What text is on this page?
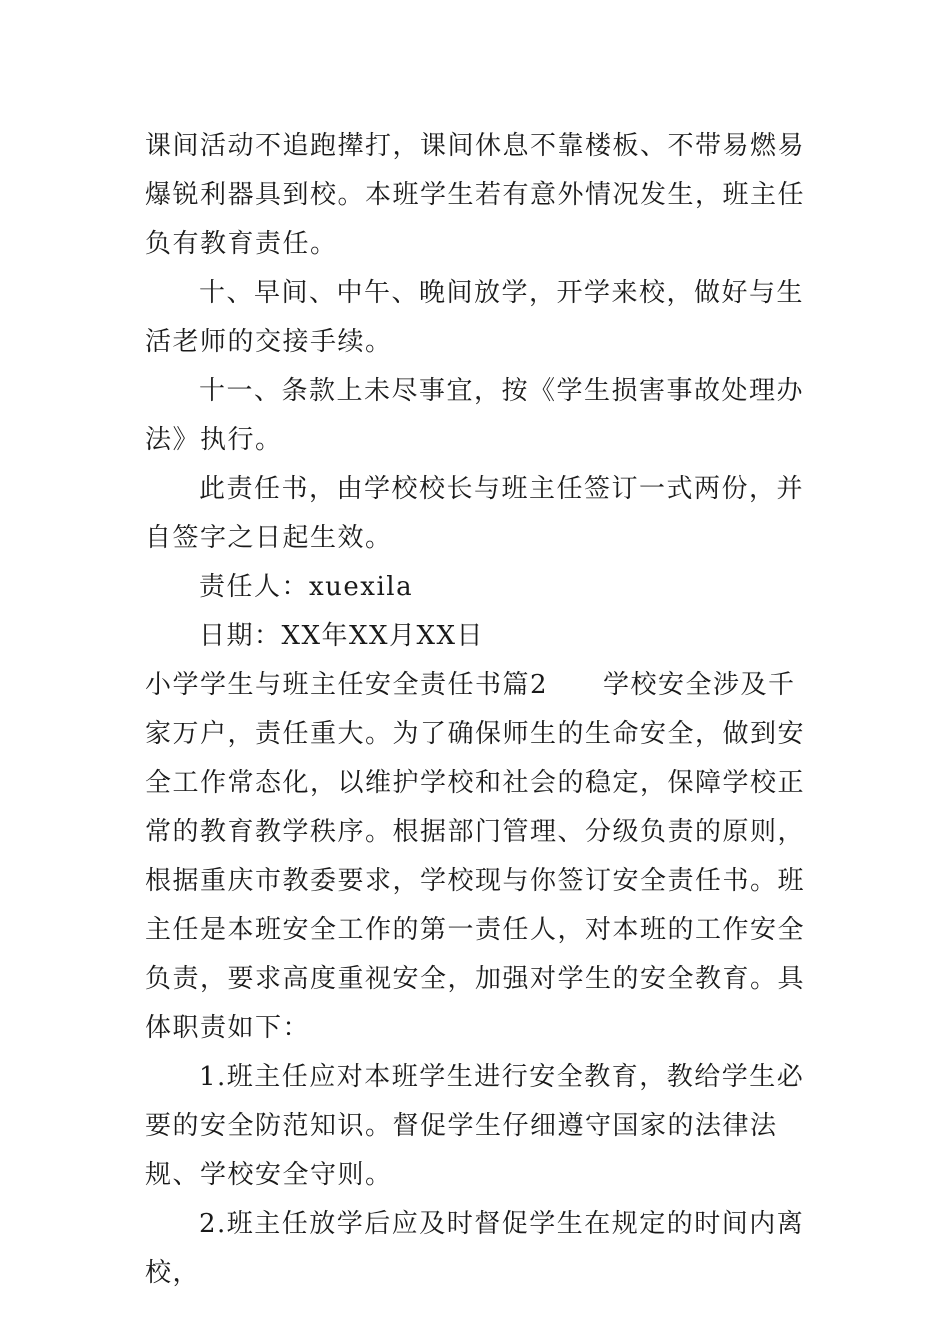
课间活动不追跑撵打，课间休息不靠楼板、不带易燃易爆锐利器具到校。本班学生若有意外情况发生，班主任负有教育责任。

十、早间、中午、晚间放学，开学来校，做好与生活老师的交接手续。

十一、条款上未尽事宜，按《学生损害事故处理办法》执行。

此责任书，由学校校长与班主任签订一式两份，并自签字之日起生效。

责任人：xuexila

日期：XX年XX月XX日

小学学生与班主任安全责任书篇2　　学校安全涉及千家万户，责任重大。为了确保师生的生命安全，做到安全工作常态化，以维护学校和社会的稳定，保障学校正常的教育教学秩序。根据部门管理、分级负责的原则，根据重庆市教委要求，学校现与你签订安全责任书。班主任是本班安全工作的第一责任人，对本班的工作安全负责，要求高度重视安全，加强对学生的安全教育。具体职责如下：

1.班主任应对本班学生进行安全教育，教给学生必要的安全防范知识。督促学生仔细遵守国家的法律法规、学校安全守则。

2.班主任放学后应及时督促学生在规定的时间内离校，
